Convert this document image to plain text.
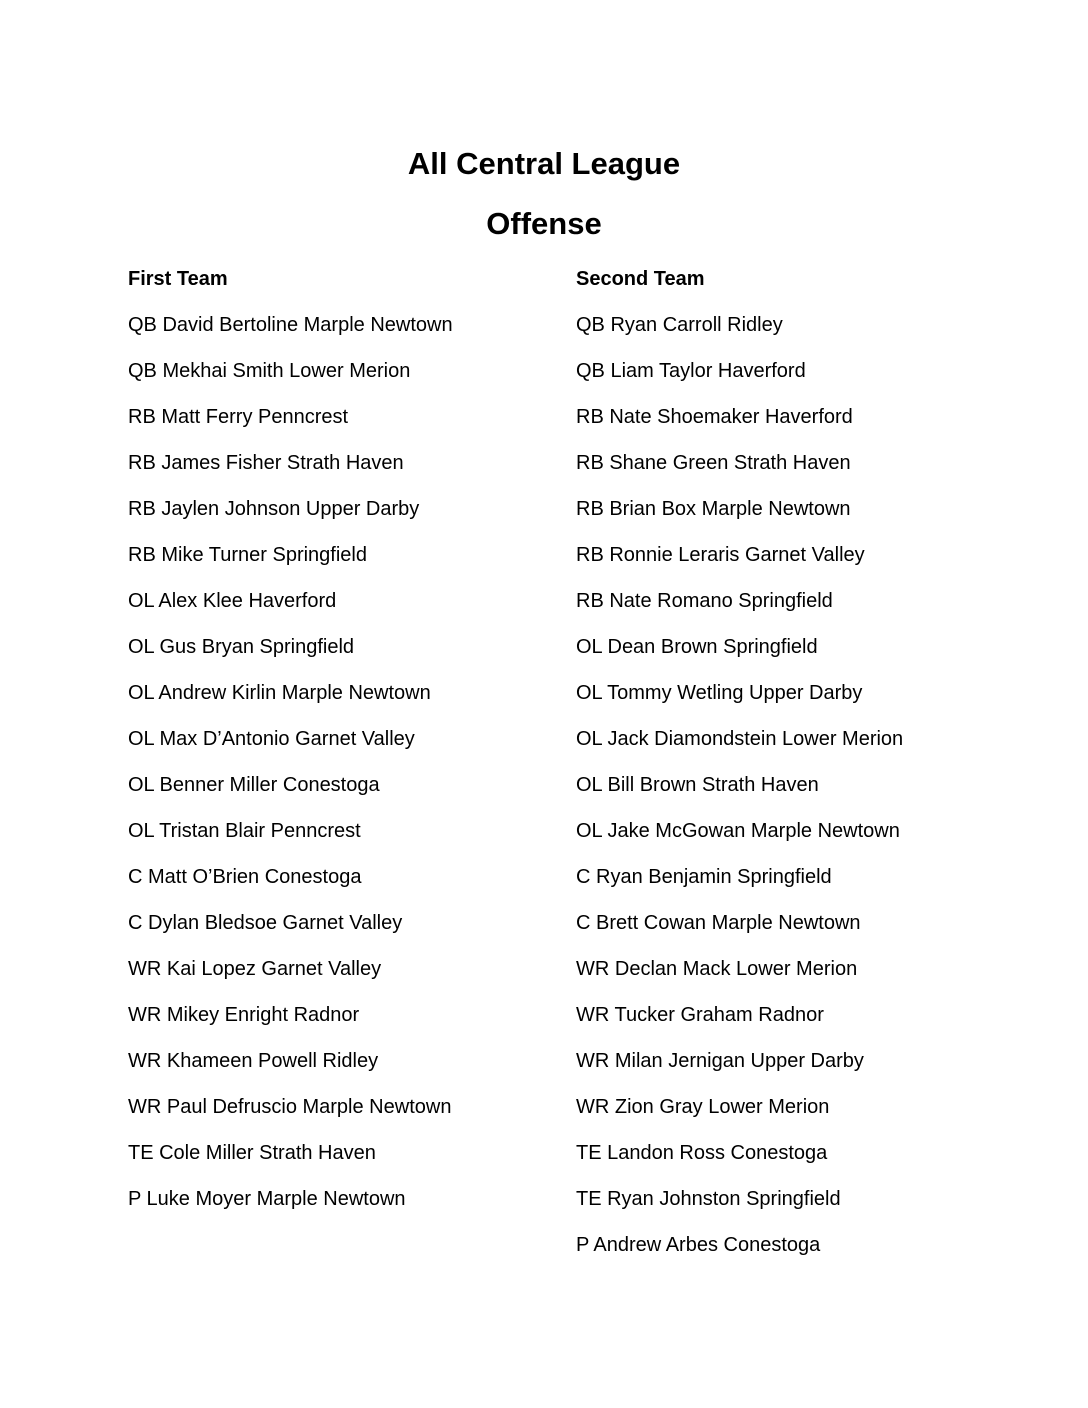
All Central League
Offense
First Team
QB David Bertoline Marple Newtown
QB Mekhai Smith Lower Merion
RB Matt Ferry Penncrest
RB James Fisher Strath Haven
RB Jaylen Johnson Upper Darby
RB Mike Turner Springfield
OL Alex Klee Haverford
OL Gus Bryan Springfield
OL Andrew Kirlin Marple Newtown
OL Max D’Antonio Garnet Valley
OL Benner Miller Conestoga
OL Tristan Blair Penncrest
C Matt O’Brien Conestoga
C Dylan Bledsoe Garnet Valley
WR Kai Lopez Garnet Valley
WR Mikey Enright Radnor
WR Khameen Powell Ridley
WR Paul Defruscio Marple Newtown
TE Cole Miller Strath Haven
P Luke Moyer Marple Newtown
Second Team
QB Ryan Carroll Ridley
QB Liam Taylor Haverford
RB Nate Shoemaker Haverford
RB Shane Green Strath Haven
RB Brian Box Marple Newtown
RB Ronnie Leraris Garnet Valley
RB Nate Romano Springfield
OL Dean Brown Springfield
OL Tommy Wetling Upper Darby
OL Jack Diamondstein Lower Merion
OL Bill Brown Strath Haven
OL Jake McGowan Marple Newtown
C Ryan Benjamin Springfield
C Brett Cowan Marple Newtown
WR Declan Mack Lower Merion
WR Tucker Graham Radnor
WR Milan Jernigan Upper Darby
WR Zion Gray Lower Merion
TE Landon Ross Conestoga
TE Ryan Johnston Springfield
P Andrew Arbes Conestoga
